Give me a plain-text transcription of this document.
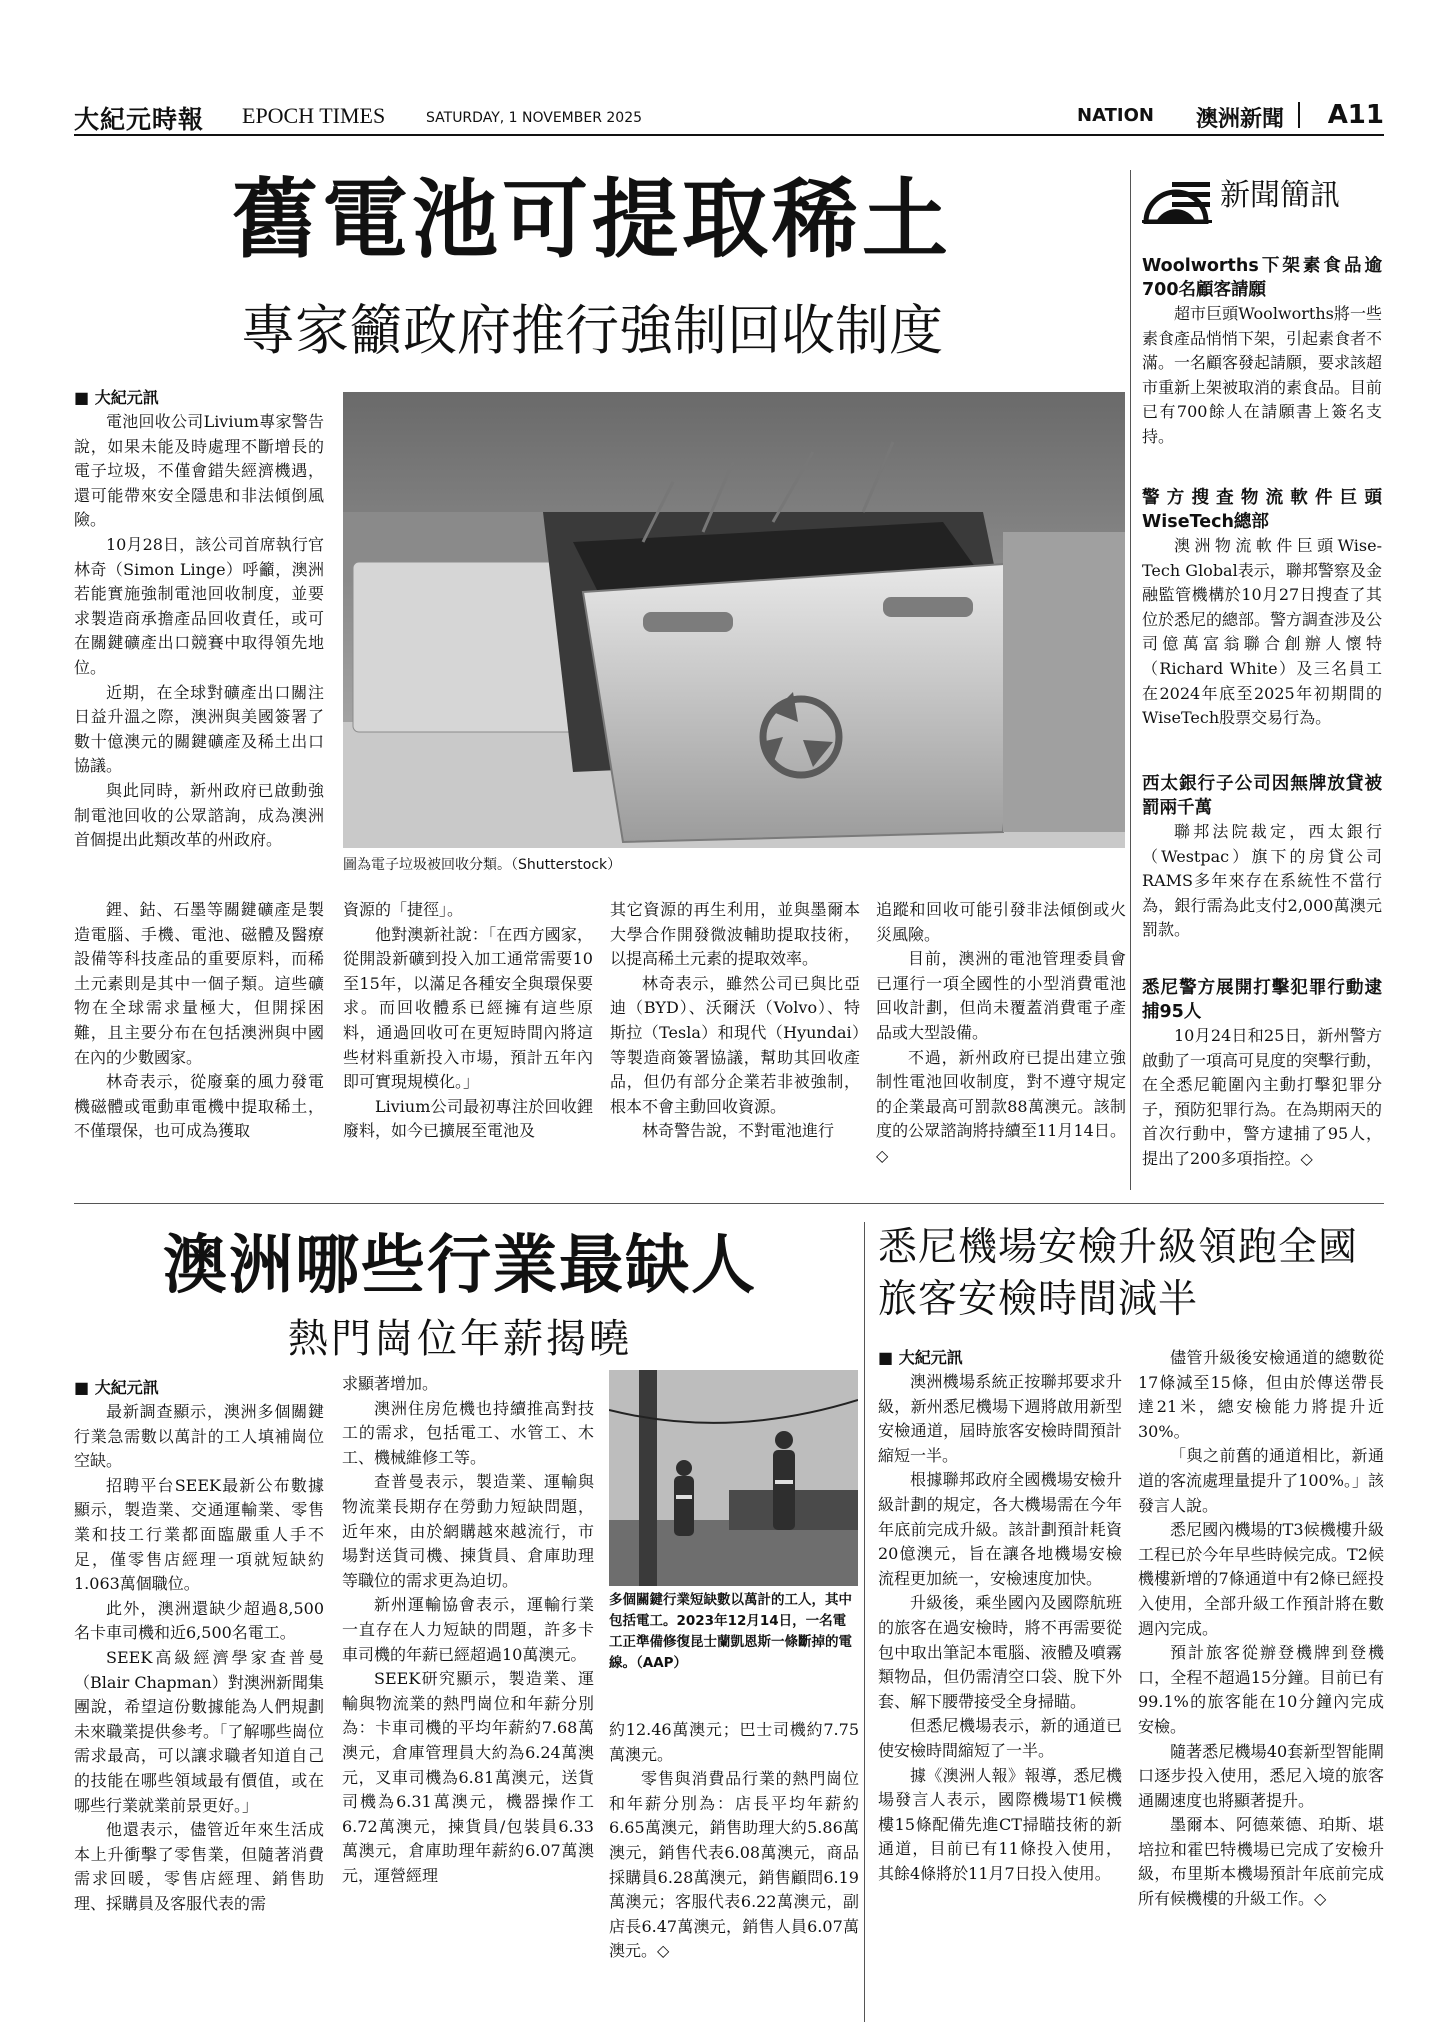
大紀元時報 EPOCH TIMES	SATURDAY, 1 NOVEMBER 2025	NATION 澳洲新聞 A11
舊電池可提取稀土
專家籲政府推行強制回收制度

■ 大紀元訊

電池回收公司Livium專家警告說，如果未能及時處理不斷增長的電子垃圾，不僅會錯失經濟機遇，還可能帶來安全隱患和非法傾倒風險。

10月28日，該公司首席執行官林奇（Simon Linge）呼籲，澳洲若能實施強制電池回收制度，並要求製造商承擔產品回收責任，或可在關鍵礦產出口競賽中取得領先地位。

近期，在全球對礦產出口關注日益升溫之際，澳洲與美國簽署了數十億澳元的關鍵礦產及稀土出口協議。

與此同時，新州政府已啟動強制電池回收的公眾諮詢，成為澳洲首個提出此類改革的州政府。

圖為電子垃圾被回收分類。（Shutterstock）

鋰、鈷、石墨等關鍵礦產是製造電腦、手機、電池、磁體及醫療設備等科技產品的重要原料，而稀土元素則是其中一個子類。這些礦物在全球需求量極大，但開採困難，且主要分布在包括澳洲與中國在內的少數國家。

林奇表示，從廢棄的風力發電機磁體或電動車電機中提取稀土，不僅環保，也可成為獲取

資源的「捷徑」。

他對澳新社說：「在西方國家，從開設新礦到投入加工通常需要10至15年，以滿足各種安全與環保要求。而回收體系已經擁有這些原料，通過回收可在更短時間內將這些材料重新投入市場，預計五年內即可實現規模化。」

Livium公司最初專注於回收鋰廢料，如今已擴展至電池及

其它資源的再生利用，並與墨爾本大學合作開發微波輔助提取技術，以提高稀土元素的提取效率。

林奇表示，雖然公司已與比亞迪（BYD）、沃爾沃（Volvo）、特斯拉（Tesla）和現代（Hyundai）等製造商簽署協議，幫助其回收產品，但仍有部分企業若非被強制，根本不會主動回收資源。

林奇警告說，不對電池進行

追蹤和回收可能引發非法傾倒或火災風險。

目前，澳洲的電池管理委員會已運行一項全國性的小型消費電池回收計劃，但尚未覆蓋消費電子產品或大型設備。

不過，新州政府已提出建立強制性電池回收制度，對不遵守規定的企業最高可罰款88萬澳元。該制度的公眾諮詢將持續至11月14日。◇

新聞簡訊

Woolworths下架素食品逾700名顧客請願

超市巨頭Woolworths將一些素食產品悄悄下架，引起素食者不滿。一名顧客發起請願，要求該超市重新上架被取消的素食品。目前已有700餘人在請願書上簽名支持。

警方搜查物流軟件巨頭WiseTech總部

澳洲物流軟件巨頭Wise-Tech Global表示，聯邦警察及金融監管機構於10月27日搜查了其位於悉尼的總部。警方調查涉及公司億萬富翁聯合創辦人懷特（Richard White）及三名員工在2024年底至2025年初期間的WiseTech股票交易行為。

西太銀行子公司因無牌放貸被罰兩千萬

聯邦法院裁定，西太銀行（Westpac）旗下的房貸公司RAMS多年來存在系統性不當行為，銀行需為此支付2,000萬澳元罰款。

悉尼警方展開打擊犯罪行動逮捕95人

10月24日和25日，新州警方啟動了一項高可見度的突擊行動，在全悉尼範圍內主動打擊犯罪分子，預防犯罪行為。在為期兩天的首次行動中，警方逮捕了95人，提出了200多項指控。◇

澳洲哪些行業最缺人
熱門崗位年薪揭曉

■ 大紀元訊

最新調查顯示，澳洲多個關鍵行業急需數以萬計的工人填補崗位空缺。

招聘平台SEEK最新公布數據顯示，製造業、交通運輸業、零售業和技工行業都面臨嚴重人手不足，僅零售店經理一項就短缺約1.063萬個職位。

此外，澳洲還缺少超過8,500名卡車司機和近6,500名電工。

SEEK高級經濟學家查普曼（Blair Chapman）對澳洲新聞集團說，希望這份數據能為人們規劃未來職業提供參考。「了解哪些崗位需求最高，可以讓求職者知道自己的技能在哪些領域最有價值，或在哪些行業就業前景更好。」

他還表示，儘管近年來生活成本上升衝擊了零售業，但隨著消費需求回暖，零售店經理、銷售助理、採購員及客服代表的需

求顯著增加。

澳洲住房危機也持續推高對技工的需求，包括電工、水管工、木工、機械維修工等。

查普曼表示，製造業、運輸與物流業長期存在勞動力短缺問題，近年來，由於網購越來越流行，市場對送貨司機、揀貨員、倉庫助理等職位的需求更為迫切。

新州運輸協會表示，運輸行業一直存在人力短缺的問題，許多卡車司機的年薪已經超過10萬澳元。

SEEK研究顯示，製造業、運輸與物流業的熱門崗位和年薪分別為：卡車司機的平均年薪約7.68萬澳元，倉庫管理員大約為6.24萬澳元，叉車司機為6.81萬澳元，送貨司機為6.31萬澳元，機器操作工6.72萬澳元，揀貨員/包裝員6.33萬澳元，倉庫助理年薪約6.07萬澳元，運營經理

多個關鍵行業短缺數以萬計的工人，其中包括電工。2023年12月14日，一名電工正準備修復昆士蘭凱恩斯一條斷掉的電線。（AAP）

約12.46萬澳元；巴士司機約7.75萬澳元。

零售與消費品行業的熱門崗位和年薪分別為：店長平均年薪約6.65萬澳元，銷售助理大約5.86萬澳元，銷售代表6.08萬澳元，商品採購員6.28萬澳元，銷售顧問6.19萬澳元；客服代表6.22萬澳元，副店長6.47萬澳元，銷售人員6.07萬澳元。◇

悉尼機場安檢升級領跑全國
旅客安檢時間減半

■ 大紀元訊

澳洲機場系統正按聯邦要求升級，新州悉尼機場下週將啟用新型安檢通道，屆時旅客安檢時間預計縮短一半。

根據聯邦政府全國機場安檢升級計劃的規定，各大機場需在今年年底前完成升級。該計劃預計耗資20億澳元，旨在讓各地機場安檢流程更加統一，安檢速度加快。

升級後，乘坐國內及國際航班的旅客在過安檢時，將不再需要從包中取出筆記本電腦、液體及噴霧類物品，但仍需清空口袋、脫下外套、解下腰帶接受全身掃瞄。

但悉尼機場表示，新的通道已使安檢時間縮短了一半。

據《澳洲人報》報導，悉尼機場發言人表示，國際機場T1候機樓15條配備先進CT掃瞄技術的新通道，目前已有11條投入使用，其餘4條將於11月7日投入使用。

儘管升級後安檢通道的總數從17條減至15條，但由於傳送帶長達21米，總安檢能力將提升近30%。

「與之前舊的通道相比，新通道的客流處理量提升了100%。」該發言人說。

悉尼國內機場的T3候機樓升級工程已於今年早些時候完成。T2候機樓新增的7條通道中有2條已經投入使用，全部升級工作預計將在數週內完成。

預計旅客從辦登機牌到登機口，全程不超過15分鐘。目前已有99.1%的旅客能在10分鐘內完成安檢。

隨著悉尼機場40套新型智能閘口逐步投入使用，悉尼入境的旅客通關速度也將顯著提升。

墨爾本、阿德萊德、珀斯、堪培拉和霍巴特機場已完成了安檢升級，布里斯本機場預計年底前完成所有候機樓的升級工作。◇
